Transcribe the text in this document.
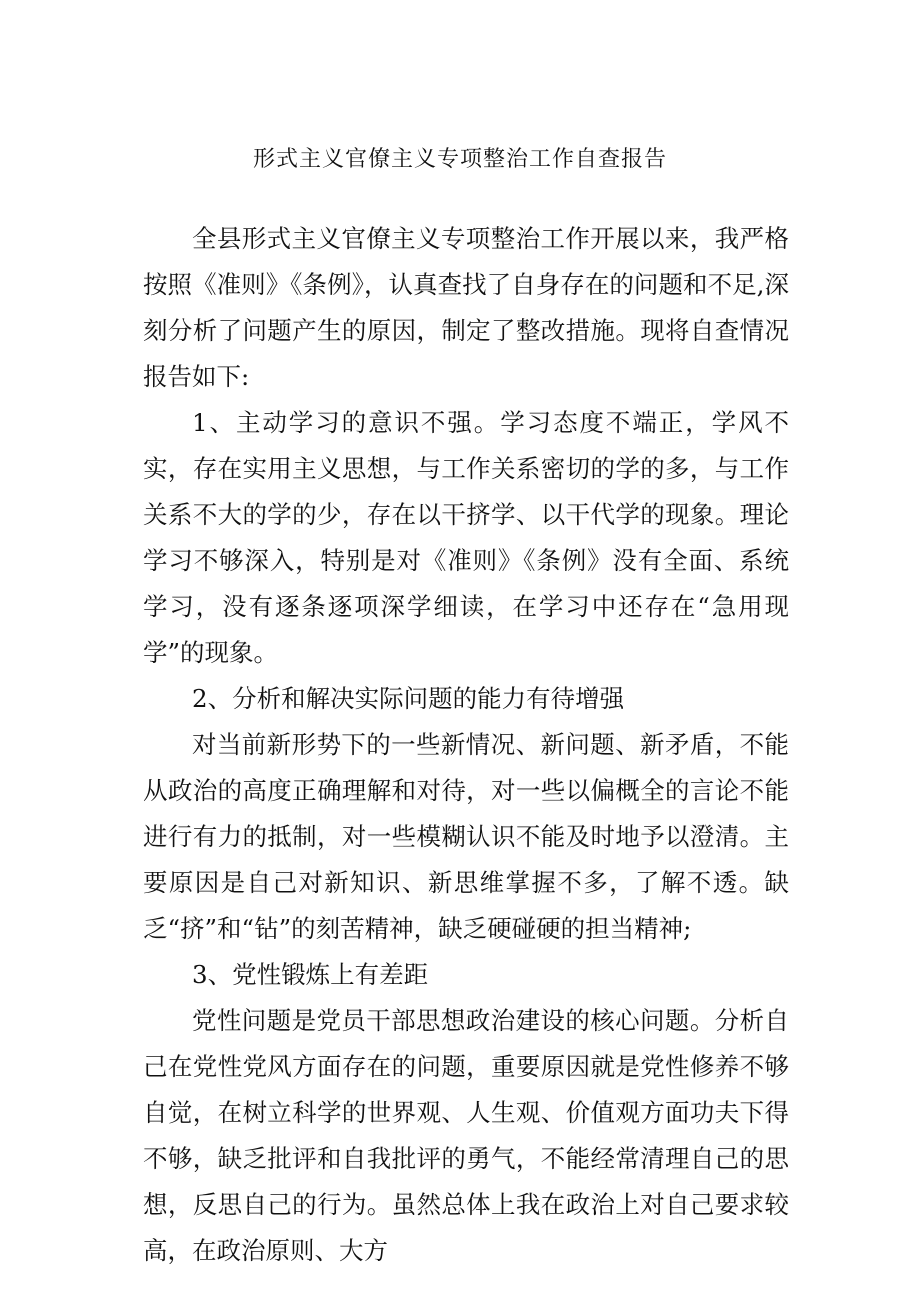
形式主义官僚主义专项整治工作自查报告

全县形式主义官僚主义专项整治工作开展以来，我严格按照《准则》《条例》，认真查找了自身存在的问题和不足,深刻分析了问题产生的原因，制定了整改措施。现将自查情况报告如下:

1、主动学习的意识不强。学习态度不端正，学风不实，存在实用主义思想，与工作关系密切的学的多，与工作关系不大的学的少，存在以干挤学、以干代学的现象。理论学习不够深入，特别是对《准则》《条例》没有全面、系统学习，没有逐条逐项深学细读，在学习中还存在“急用现学”的现象。

2、分析和解决实际问题的能力有待增强

对当前新形势下的一些新情况、新问题、新矛盾，不能从政治的高度正确理解和对待，对一些以偏概全的言论不能进行有力的抵制，对一些模糊认识不能及时地予以澄清。主要原因是自己对新知识、新思维掌握不多，了解不透。缺乏“挤”和“钻”的刻苦精神，缺乏硬碰硬的担当精神;

3、党性锻炼上有差距

党性问题是党员干部思想政治建设的核心问题。分析自己在党性党风方面存在的问题，重要原因就是党性修养不够自觉，在树立科学的世界观、人生观、价值观方面功夫下得不够，缺乏批评和自我批评的勇气，不能经常清理自己的思想，反思自己的行为。虽然总体上我在政治上对自己要求较高，在政治原则、大方
